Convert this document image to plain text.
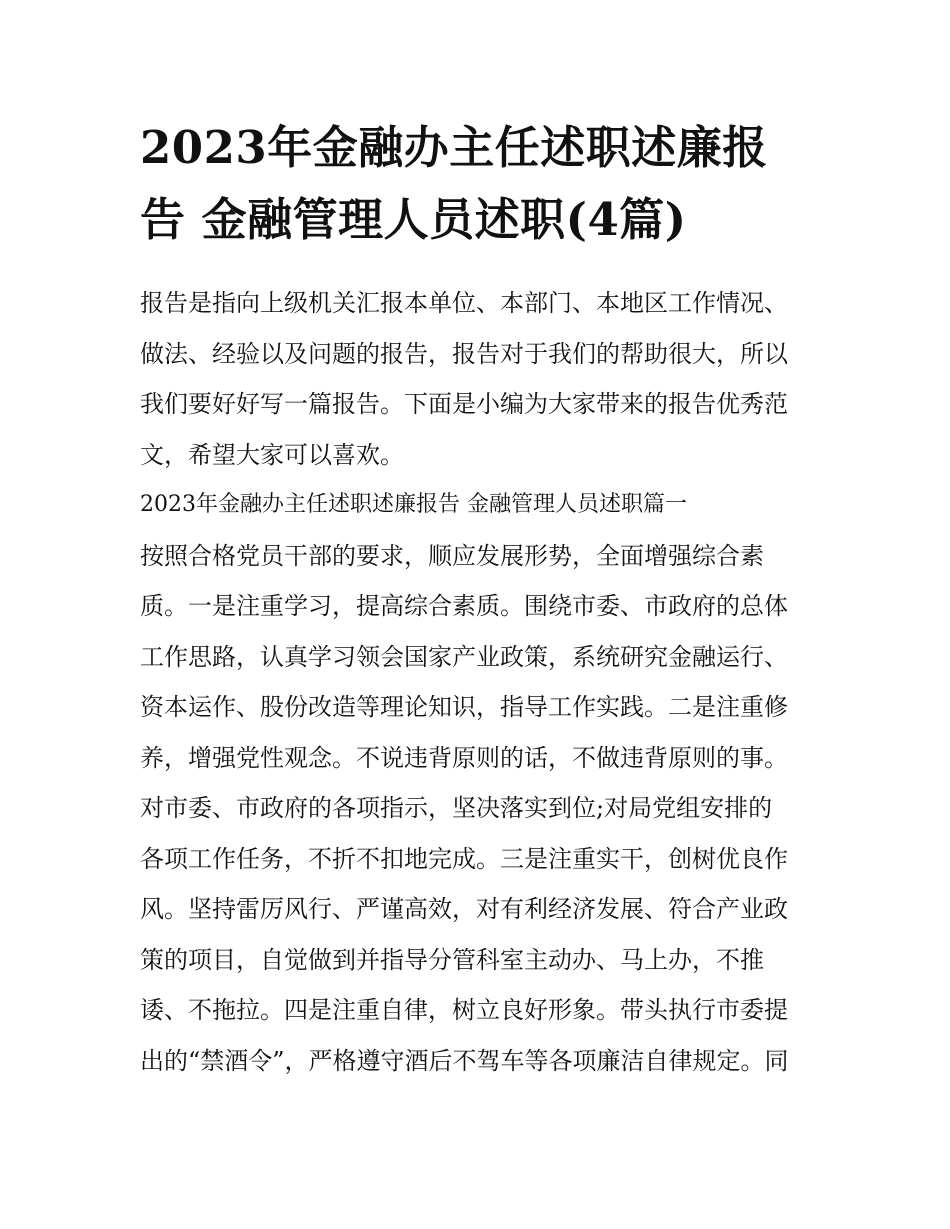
2023年金融办主任述职述廉报
告 金融管理人员述职(4篇)
报告是指向上级机关汇报本单位、本部门、本地区工作情况、
做法、经验以及问题的报告，报告对于我们的帮助很大，所以
我们要好好写一篇报告。下面是小编为大家带来的报告优秀范
文，希望大家可以喜欢。
2023年金融办主任述职述廉报告 金融管理人员述职篇一
按照合格党员干部的要求，顺应发展形势，全面增强综合素
质。一是注重学习，提高综合素质。围绕市委、市政府的总体
工作思路，认真学习领会国家产业政策，系统研究金融运行、
资本运作、股份改造等理论知识，指导工作实践。二是注重修
养，增强党性观念。不说违背原则的话，不做违背原则的事。
对市委、市政府的各项指示，坚决落实到位;对局党组安排的
各项工作任务，不折不扣地完成。三是注重实干，创树优良作
风。坚持雷厉风行、严谨高效，对有利经济发展、符合产业政
策的项目，自觉做到并指导分管科室主动办、马上办，不推
诿、不拖拉。四是注重自律，树立良好形象。带头执行市委提
出的“禁酒令”，严格遵守酒后不驾车等各项廉洁自律规定。同
